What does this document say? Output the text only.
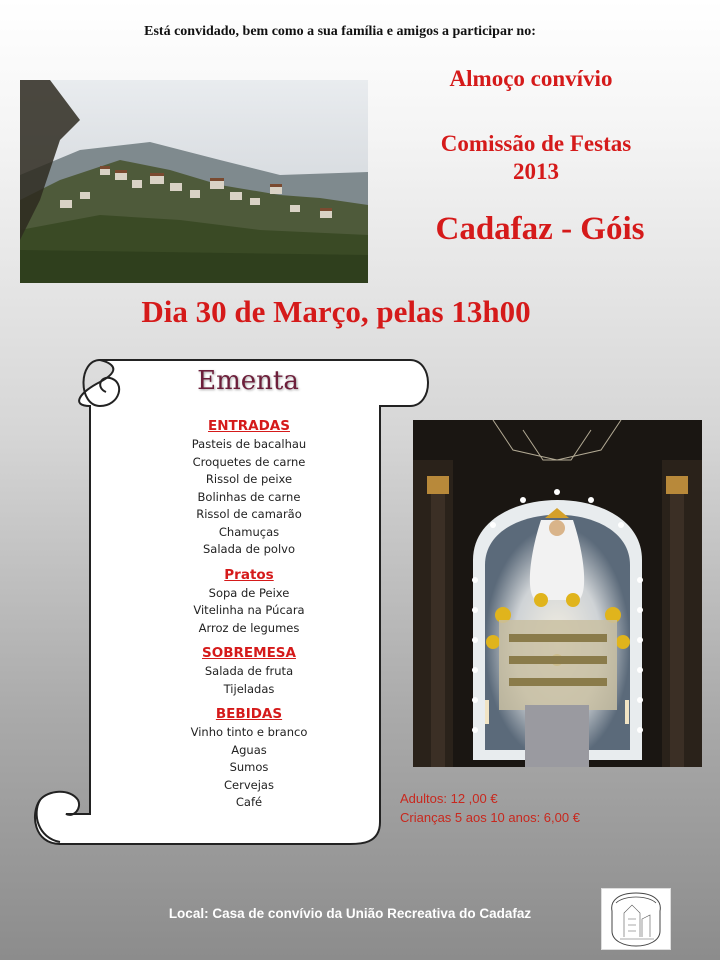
Está convidado, bem como a sua família e amigos a participar no:
Almoço convívio
Comissão de Festas
2013
Cadafaz - Góis
Dia 30 de Março, pelas 13h00
Ementa
ENTRADAS
Pasteis de bacalhau
Croquetes de carne
Rissol de peixe
Bolinhas de carne
Rissol de camarão
Chamuças
Salada de polvo
Pratos
Sopa de Peixe
Vitelinha na Púcara
Arroz de legumes
SOBREMESA
Salada de fruta
Tijeladas
BEBIDAS
Vinho tinto e branco
Aguas
Sumos
Cervejas
Café	Adultos: 12 ,00 €
Crianças 5 aos 10 anos: 6,00 €
Local: Casa de convívio da União Recreativa do Cadafaz
